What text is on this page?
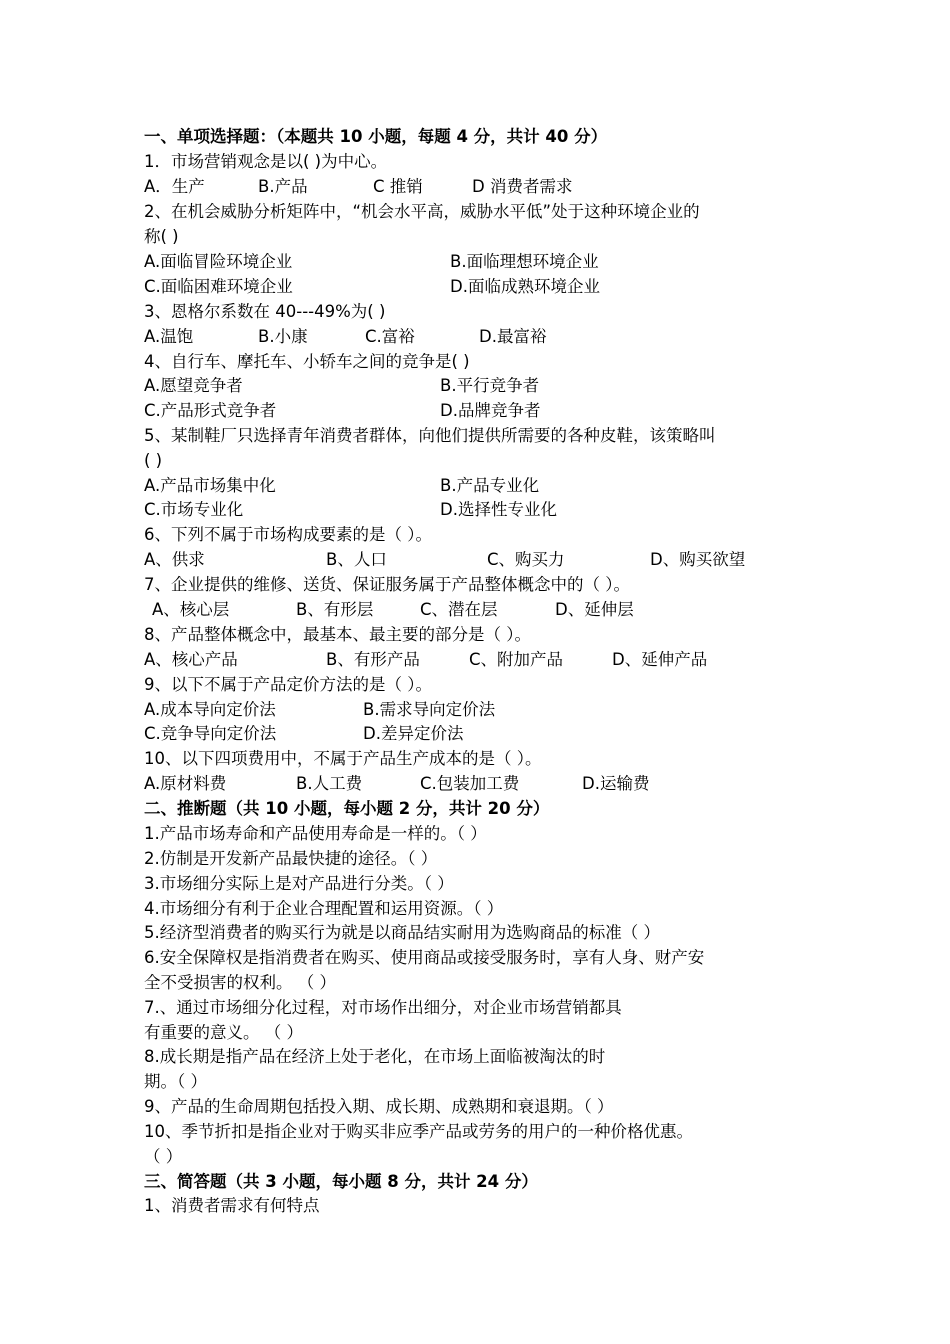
一、单项选择题：（本题共 10 小题，每题 4 分，共计 40 分）
1．市场营销观念是以( )为中心。
A．生产	B.产品	C 推销	D 消费者需求
2、在机会威胁分析矩阵中，“机会水平高，威胁水平低”处于这种环境企业的
称( )
A.面临冒险环境企业	B.面临理想环境企业
C.面临困难环境企业	D.面临成熟环境企业
3、恩格尔系数在 40---49%为( )
A.温饱	B.小康	C.富裕	D.最富裕
4、自行车、摩托车、小轿车之间的竞争是( )
A.愿望竞争者	B.平行竞争者
C.产品形式竞争者	D.品牌竞争者
5、某制鞋厂只选择青年消费者群体，向他们提供所需要的各种皮鞋，该策略叫
( )
A.产品市场集中化	B.产品专业化
C.市场专业化	D.选择性专业化
6、下列不属于市场构成要素的是（ ）。
A、供求	B、人口	C、购买力	D、购买欲望
7、企业提供的维修、送货、保证服务属于产品整体概念中的（ ）。
A、核心层	B、有形层	C、潜在层	D、延伸层
8、产品整体概念中，最基本、最主要的部分是（ ）。
A、核心产品	B、有形产品	C、附加产品	D、延伸产品
9、以下不属于产品定价方法的是（ ）。
A.成本导向定价法	B.需求导向定价法
C.竞争导向定价法	D.差异定价法
10、以下四项费用中，不属于产品生产成本的是（ ）。
A.原材料费	B.人工费	C.包装加工费	D.运输费
二、推断题（共 10 小题，每小题 2 分，共计 20 分）
1.产品市场寿命和产品使用寿命是一样的。（ ）
2.仿制是开发新产品最快捷的途径。（ ）
3.市场细分实际上是对产品进行分类。（ ）
4.市场细分有利于企业合理配置和运用资源。（ ）
5.经济型消费者的购买行为就是以商品结实耐用为选购商品的标准（ ）
6.安全保障权是指消费者在购买、使用商品或接受服务时，享有人身、财产安
全不受损害的权利。 （ ）
7.、通过市场细分化过程，对市场作出细分，对企业市场营销都具
有重要的意义。 （ ）
8.成长期是指产品在经济上处于老化，在市场上面临被淘汰的时
期。（ ）
9、产品的生命周期包括投入期、成长期、成熟期和衰退期。（ ）
10、季节折扣是指企业对于购买非应季产品或劳务的用户的一种价格优惠。
（ ）
三、简答题（共 3 小题，每小题 8 分，共计 24 分）
1、消费者需求有何特点
